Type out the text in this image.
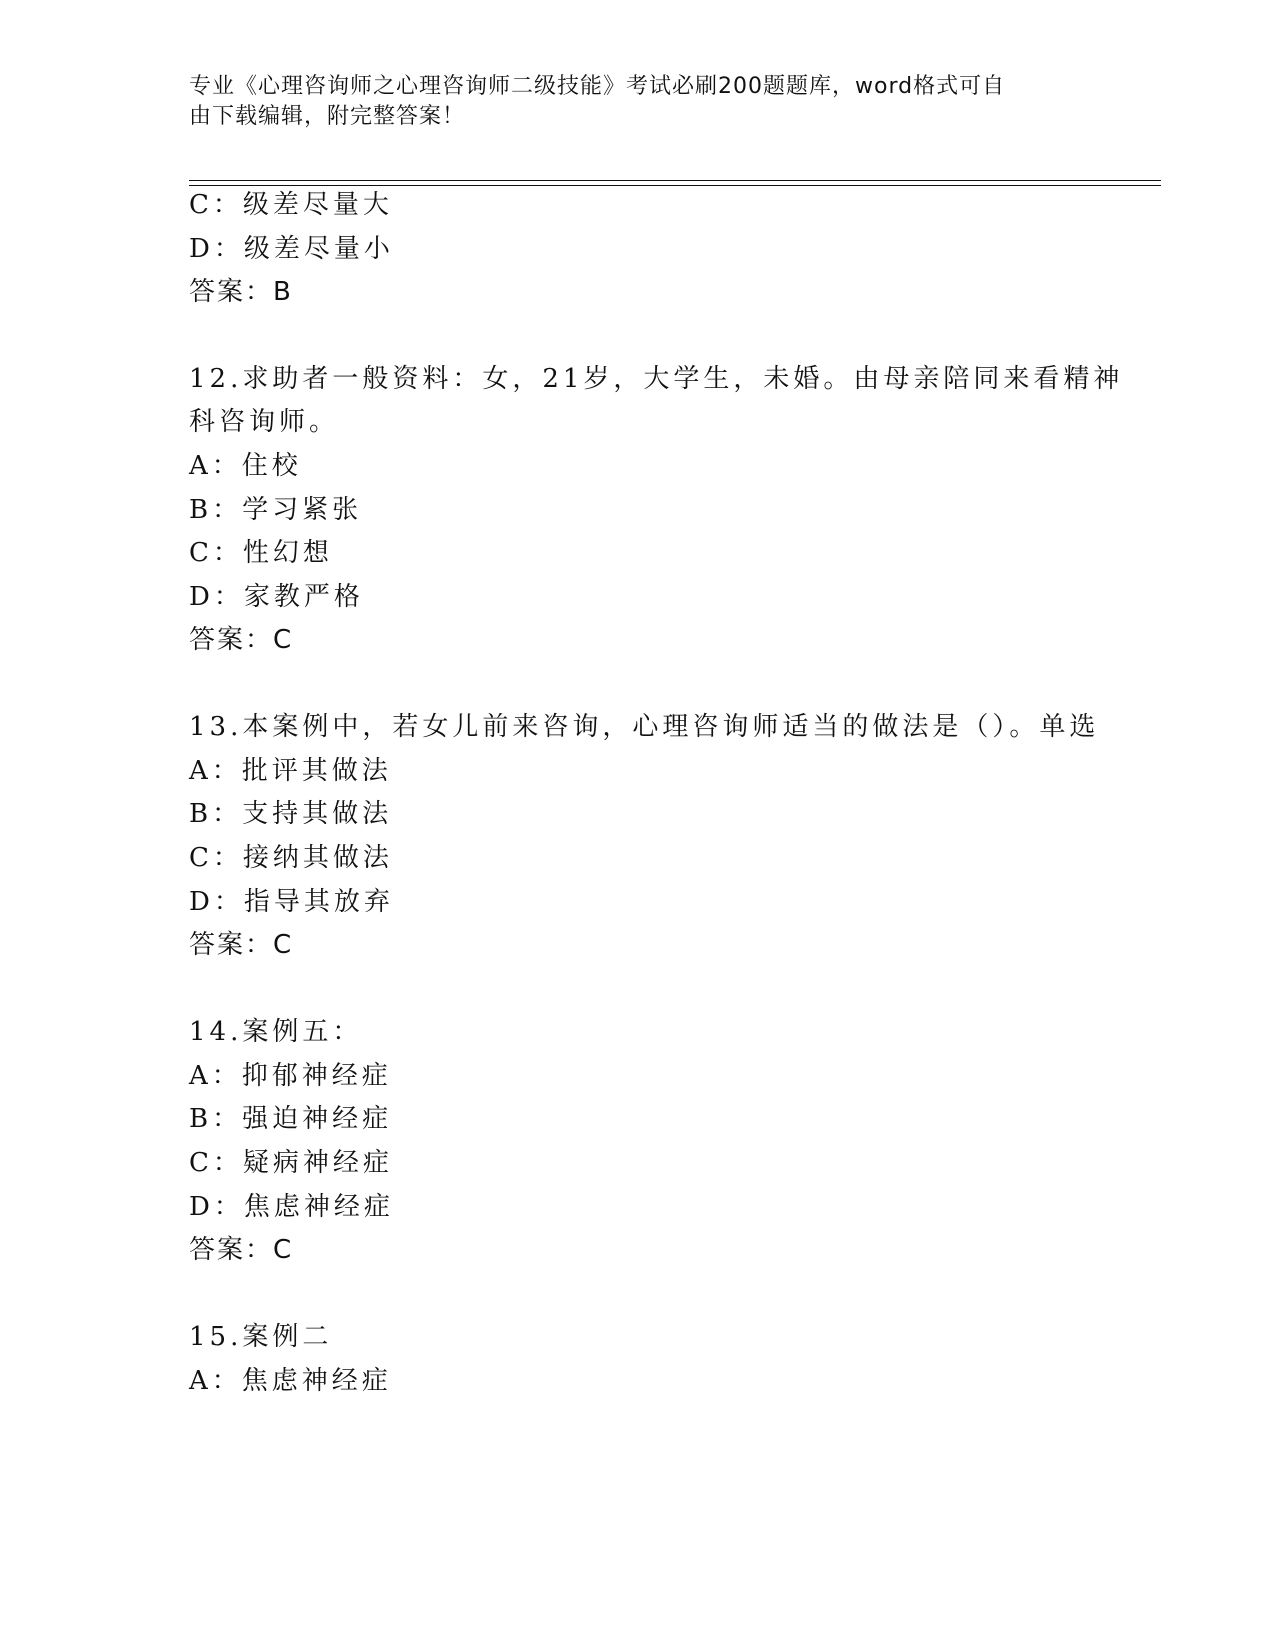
专业《心理咨询师之心理咨询师二级技能》考试必刷200题题库，word格式可自
由下载编辑，附完整答案！
C：级差尽量大
D：级差尽量小
答案：B
12.求助者一般资料：女，21岁，大学生，未婚。由母亲陪同来看精神
科咨询师。
A：住校
B：学习紧张
C：性幻想
D：家教严格
答案：C
13.本案例中，若女儿前来咨询，心理咨询师适当的做法是（）。单选
A：批评其做法
B：支持其做法
C：接纳其做法
D：指导其放弃
答案：C
14.案例五：
A：抑郁神经症
B：强迫神经症
C：疑病神经症
D：焦虑神经症
答案：C
15.案例二
A：焦虑神经症
